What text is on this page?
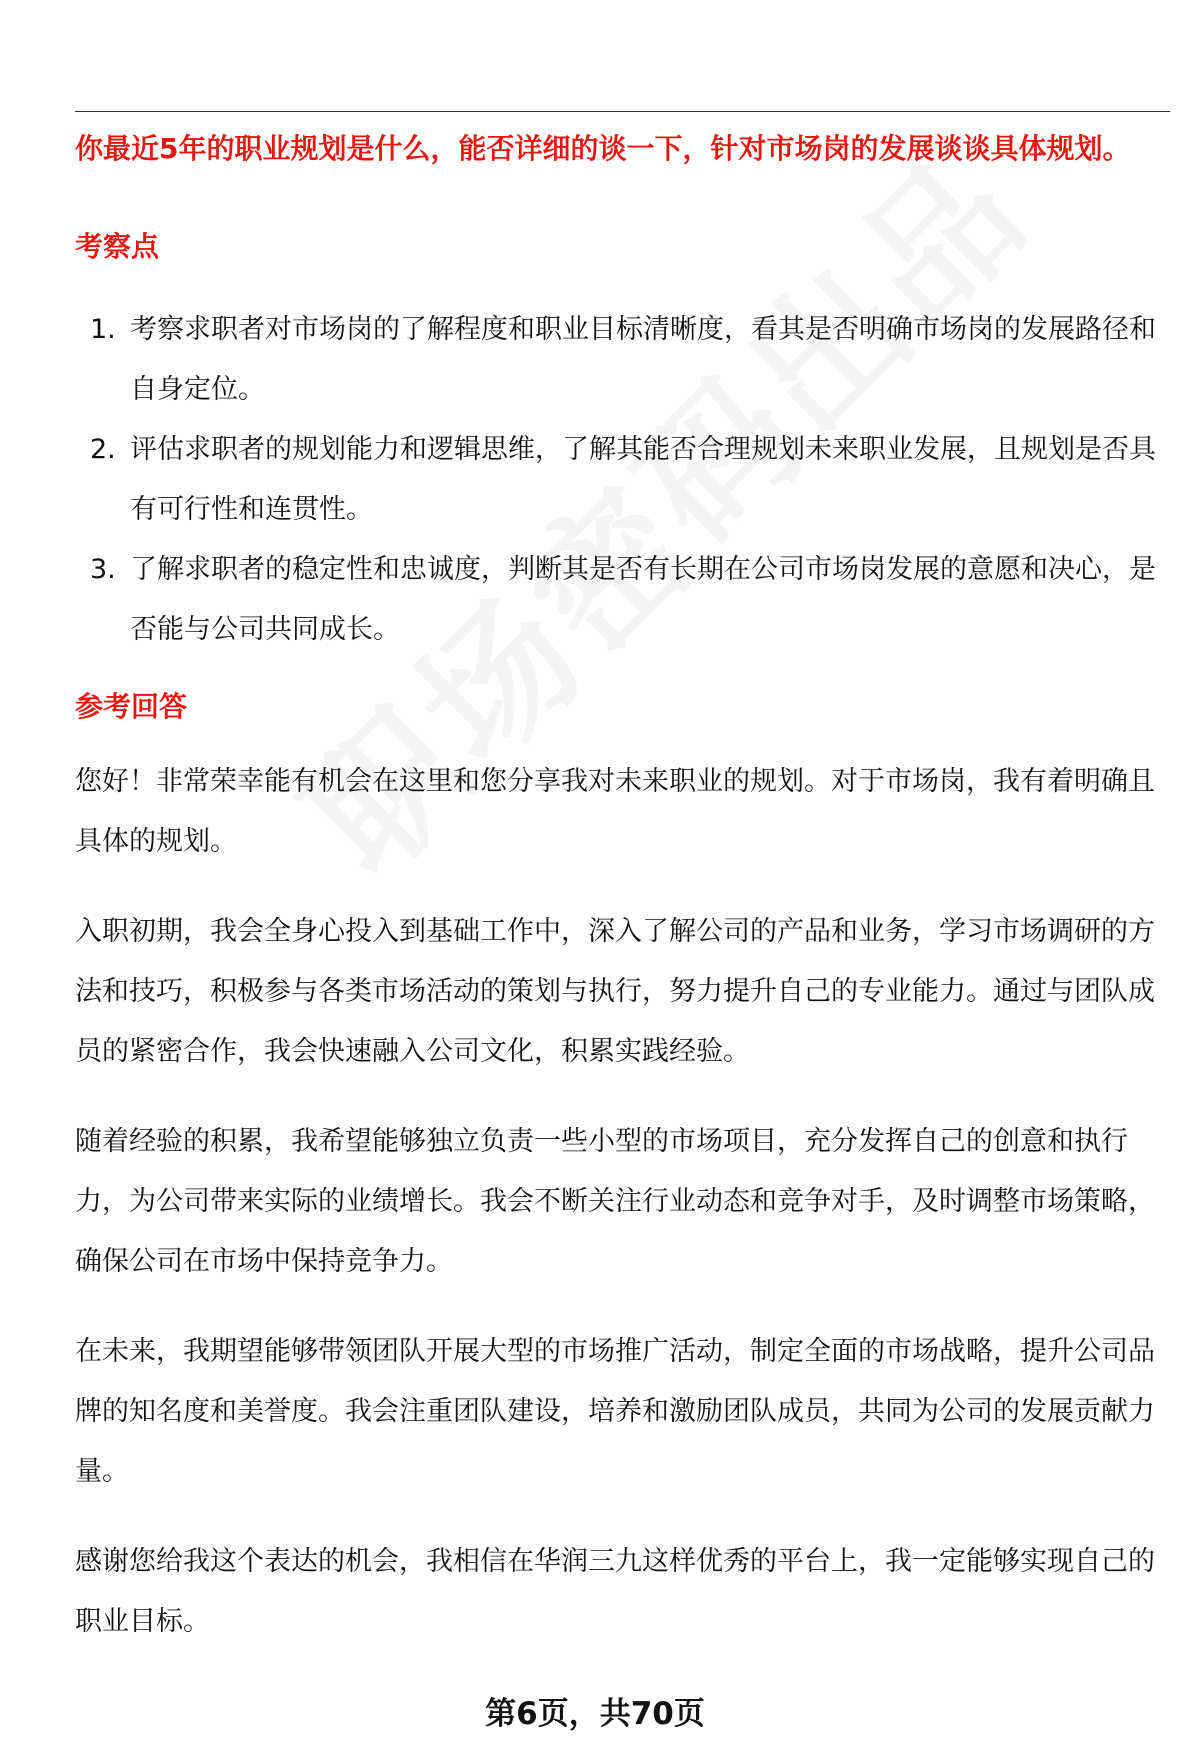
你最近5年的职业规划是什么，能否详细的谈一下，针对市场岗的发展谈谈具体规划。
考察点
1. 考察求职者对市场岗的了解程度和职业目标清晰度，看其是否明确市场岗的发展路径和自身定位。
2. 评估求职者的规划能力和逻辑思维，了解其能否合理规划未来职业发展，且规划是否具有可行性和连贯性。
3. 了解求职者的稳定性和忠诚度，判断其是否有长期在公司市场岗发展的意愿和决心，是否能与公司共同成长。
参考回答

您好！非常荣幸能有机会在这里和您分享我对未来职业的规划。对于市场岗，我有着明确且具体的规划。

入职初期，我会全身心投入到基础工作中，深入了解公司的产品和业务，学习市场调研的方法和技巧，积极参与各类市场活动的策划与执行，努力提升自己的专业能力。通过与团队成员的紧密合作，我会快速融入公司文化，积累实践经验。

随着经验的积累，我希望能够独立负责一些小型的市场项目，充分发挥自己的创意和执行力，为公司带来实际的业绩增长。我会不断关注行业动态和竞争对手，及时调整市场策略，确保公司在市场中保持竞争力。

在未来，我期望能够带领团队开展大型的市场推广活动，制定全面的市场战略，提升公司品牌的知名度和美誉度。我会注重团队建设，培养和激励团队成员，共同为公司的发展贡献力量。

感谢您给我这个表达的机会，我相信在华润三九这样优秀的平台上，我一定能够实现自己的职业目标。

第6页，共70页
